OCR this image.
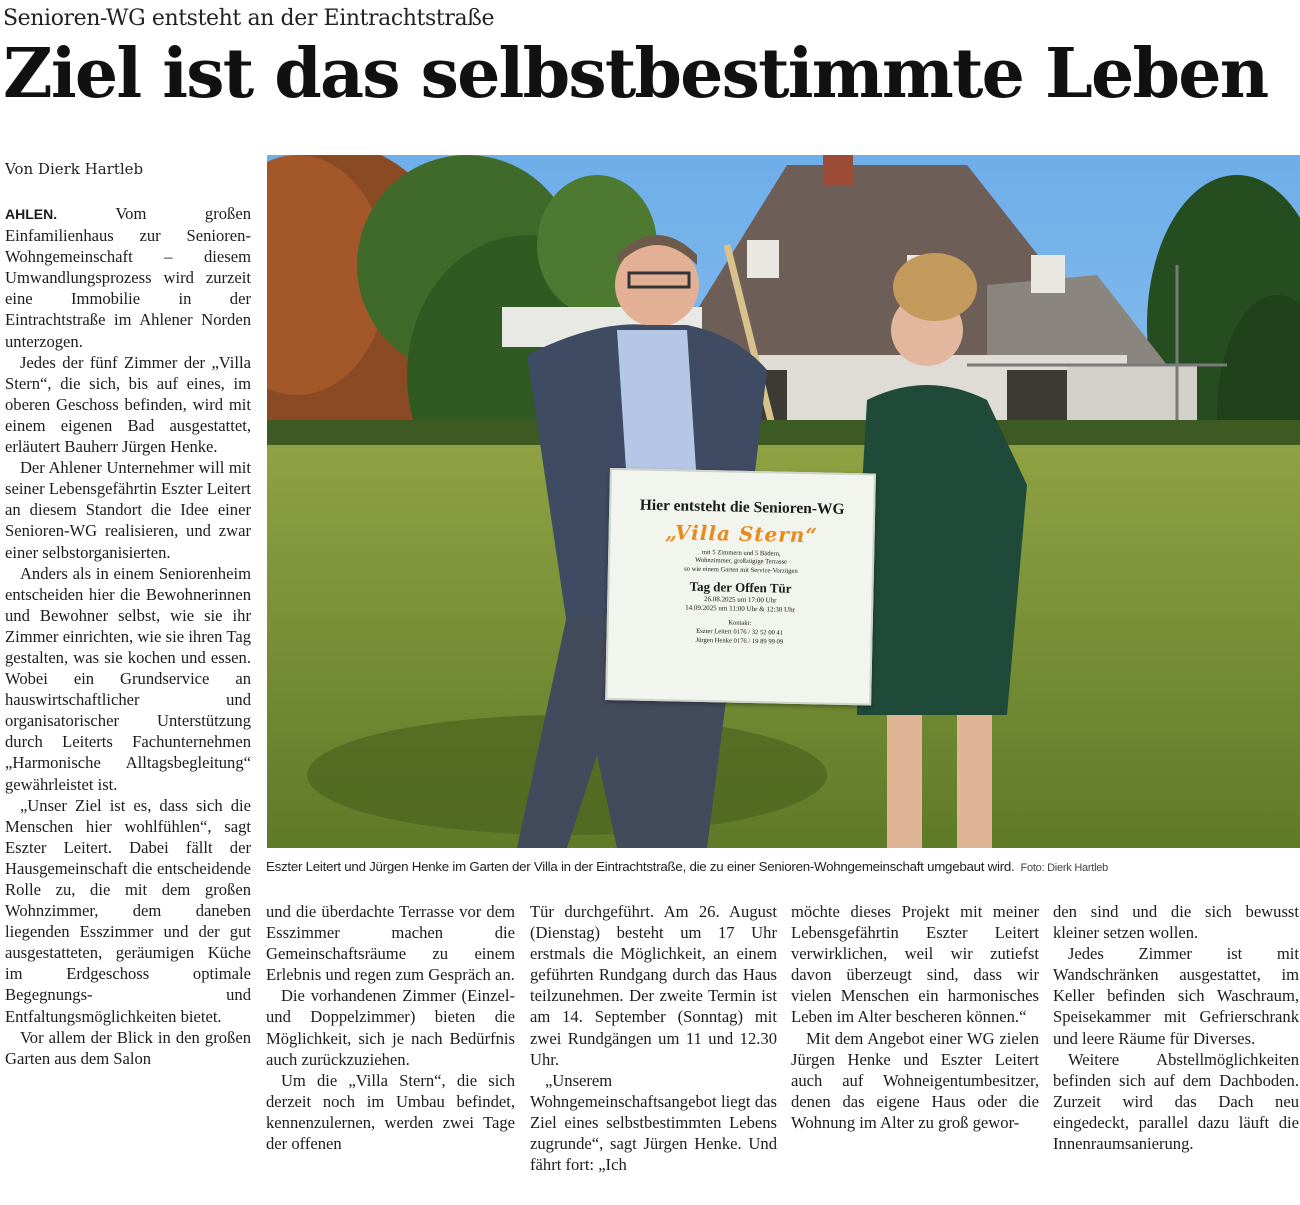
Senioren-WG entsteht an der Eintrachtstraße
Ziel ist das selbstbestimmte Leben
Von Dierk Hartleb

AHLEN.	Vom großen Einfamilienhaus zur Senioren-Wohngemeinschaft – diesem Umwandlungsprozess wird zurzeit eine Immobilie in der Eintrachtstraße im Ahlener Norden unterzogen.

Jedes der fünf Zimmer der „Villa Stern“, die sich, bis auf eines, im oberen Geschoss befinden, wird mit einem eigenen Bad ausgestattet, erläutert Bauherr Jürgen Henke.

Der Ahlener Unternehmer will mit seiner Lebensgefährtin Eszter Leitert an diesem Standort die Idee einer Senioren-WG realisieren, und zwar einer selbstorganisierten.

Anders als in einem Seniorenheim entscheiden hier die Bewohnerinnen und Bewohner selbst, wie sie ihr Zimmer einrichten, wie sie ihren Tag gestalten, was sie kochen und essen. Wobei ein Grundservice an hauswirtschaftlicher und organisatorischer Unterstützung durch Leiterts Fachunternehmen „Harmonische Alltagsbegleitung“ gewährleistet ist.

„Unser Ziel ist es, dass sich die Menschen hier wohlfühlen“, sagt Eszter Leitert. Dabei fällt der Hausgemeinschaft die entscheidende Rolle zu, die mit dem großen Wohnzimmer, dem daneben liegenden Esszimmer und der gut ausgestatteten, geräumigen Küche im Erdgeschoss optimale Begegnungs- und Entfaltungsmöglichkeiten bietet.

Vor allem der Blick in den großen Garten aus dem Salon

Hier entsteht die Senioren-WG
„Villa Stern“
mit 5 Zimmern und 5 Bädern,
Wohnzimmer, großzügige Terrasse
so wie einem Garten mit Service-Vorzügen
Tag der Offen Tür
26.08.2025 um 17:00 Uhr
14.09.2025 um 11:00 Uhr & 12:30 Uhr
Kontakt:
Eszter Leitert 0176 / 32 52 00 41
Jürgen Henke 0176 / 19 89 99 09
Eszter Leitert und Jürgen Henke im Garten der Villa in der Eintrachtstraße, die zu einer Senioren-Wohngemeinschaft umgebaut wird. Foto: Dierk Hartleb

und die überdachte Terrasse vor dem Esszimmer machen die Gemeinschaftsräume zu einem Erlebnis und regen zum Gespräch an.

Die vorhandenen Zimmer (Einzel- und Doppelzimmer) bieten die Möglichkeit, sich je nach Bedürfnis auch zurückzuziehen.

Um die „Villa Stern“, die sich derzeit noch im Umbau befindet, kennenzulernen, werden zwei Tage der offenen

Tür durchgeführt. Am 26. August (Dienstag) besteht um 17 Uhr erstmals die Möglichkeit, an einem geführten Rundgang durch das Haus teilzunehmen. Der zweite Termin ist am 14. September (Sonntag) mit zwei Rundgängen um 11 und 12.30 Uhr.

„Unserem Wohngemeinschaftsangebot liegt das Ziel eines selbstbestimmten Lebens zugrunde“, sagt Jürgen Henke. Und fährt fort: „Ich

möchte dieses Projekt mit meiner Lebensgefährtin Eszter Leitert verwirklichen, weil wir zutiefst davon überzeugt sind, dass wir vielen Menschen ein harmonisches Leben im Alter bescheren können.“

Mit dem Angebot einer WG zielen Jürgen Henke und Eszter Leitert auch auf Wohneigentumbesitzer, denen das eigene Haus oder die Wohnung im Alter zu groß gewor-

den sind und die sich bewusst kleiner setzen wollen.

Jedes Zimmer ist mit Wandschränken ausgestattet, im Keller befinden sich Waschraum, Speisekammer mit Gefrierschrank und leere Räume für Diverses.

Weitere Abstellmöglichkeiten befinden sich auf dem Dachboden. Zurzeit wird das Dach neu eingedeckt, parallel dazu läuft die Innenraumsanierung.
